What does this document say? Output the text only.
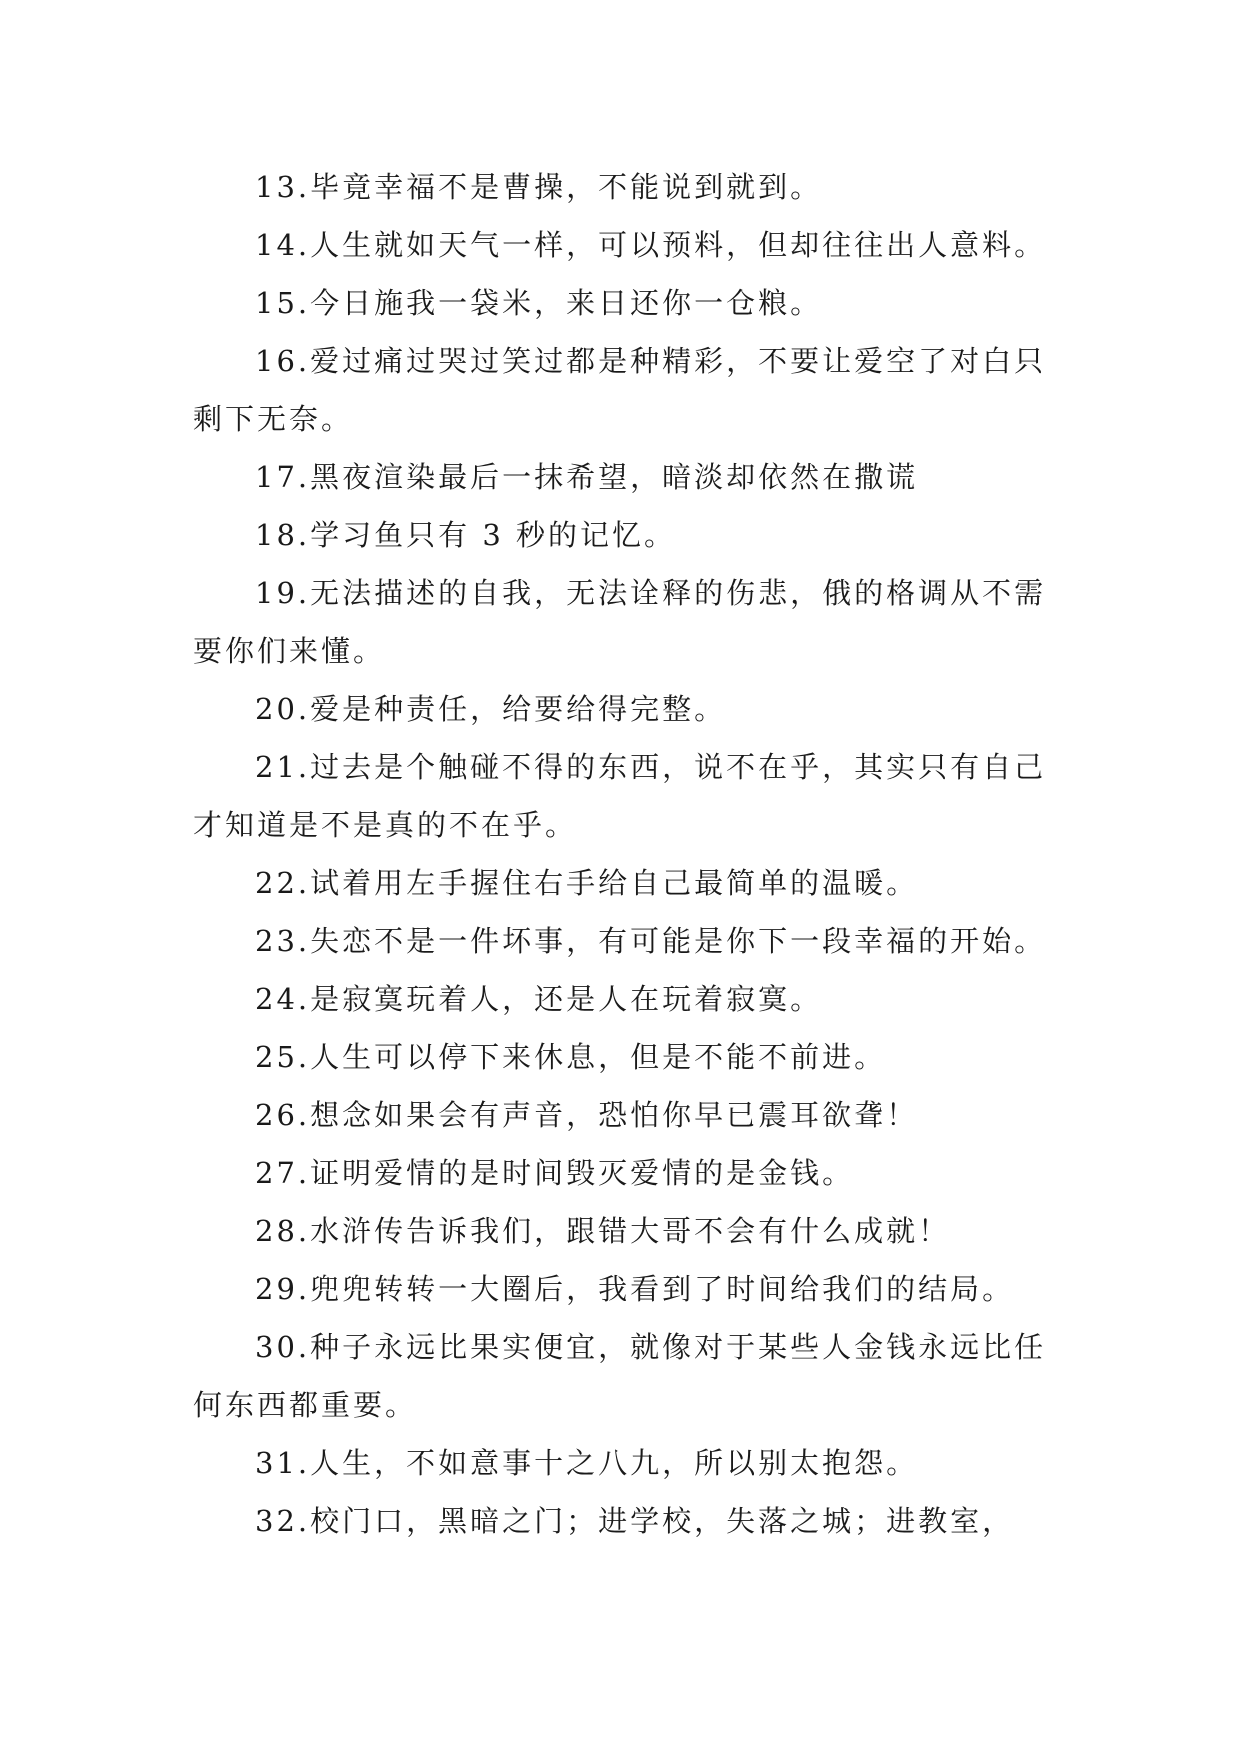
13.毕竟幸福不是曹操，不能说到就到。

14.人生就如天气一样，可以预料，但却往往出人意料。

15.今日施我一袋米，来日还你一仓粮。

16.爱过痛过哭过笑过都是种精彩，不要让爱空了对白只剩下无奈。

17.黑夜渲染最后一抹希望，暗淡却依然在撒谎

18.学习鱼只有 3 秒的记忆。

19.无法描述的自我，无法诠释的伤悲，俄的格调从不需要你们来懂。

20.爱是种责任，给要给得完整。

21.过去是个触碰不得的东西，说不在乎，其实只有自己才知道是不是真的不在乎。

22.试着用左手握住右手给自己最简单的温暖。

23.失恋不是一件坏事，有可能是你下一段幸福的开始。

24.是寂寞玩着人，还是人在玩着寂寞。

25.人生可以停下来休息，但是不能不前进。

26.想念如果会有声音，恐怕你早已震耳欲聋！

27.证明爱情的是时间毁灭爱情的是金钱。

28.水浒传告诉我们，跟错大哥不会有什么成就！

29.兜兜转转一大圈后，我看到了时间给我们的结局。

30.种子永远比果实便宜，就像对于某些人金钱永远比任何东西都重要。

31.人生，不如意事十之八九，所以别太抱怨。

32.校门口，黑暗之门；进学校，失落之城；进教室，
